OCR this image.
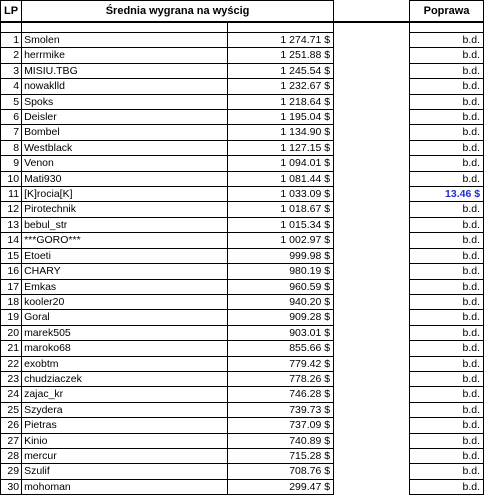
LP	Średnia wygrana na wyścig			Poprawa

1	Smolen	1 274.71 $		b.d.
2	herrmike	1 251.88 $		b.d.
3	MISIU.TBG	1 245.54 $		b.d.
4	nowaklld	1 232.67 $		b.d.
5	Spoks	1 218.64 $		b.d.
6	Deisler	1 195.04 $		b.d.
7	Bombel	1 134.90 $		b.d.
8	Westblack	1 127.15 $		b.d.
9	Venon	1 094.01 $		b.d.
10	Mati930	1 081.44 $		b.d.
11	[K]rocia[K]	1 033.09 $		13.46 $
12	Pirotechnik	1 018.67 $		b.d.
13	bebul_str	1 015.34 $		b.d.
14	***GORO***	1 002.97 $		b.d.
15	Etoeti	999.98 $		b.d.
16	CHARY	980.19 $		b.d.
17	Emkas	960.59 $		b.d.
18	kooler20	940.20 $		b.d.
19	Goral	909.28 $		b.d.
20	marek505	903.01 $		b.d.
21	maroko68	855.66 $		b.d.
22	exobtm	779.42 $		b.d.
23	chudziaczek	778.26 $		b.d.
24	zajac_kr	746.28 $		b.d.
25	Szydera	739.73 $		b.d.
26	Pietras	737.09 $		b.d.
27	Kinio	740.89 $		b.d.
28	mercur	715.28 $		b.d.
29	Szulif	708.76 $		b.d.
30	mohoman	299.47 $		b.d.
